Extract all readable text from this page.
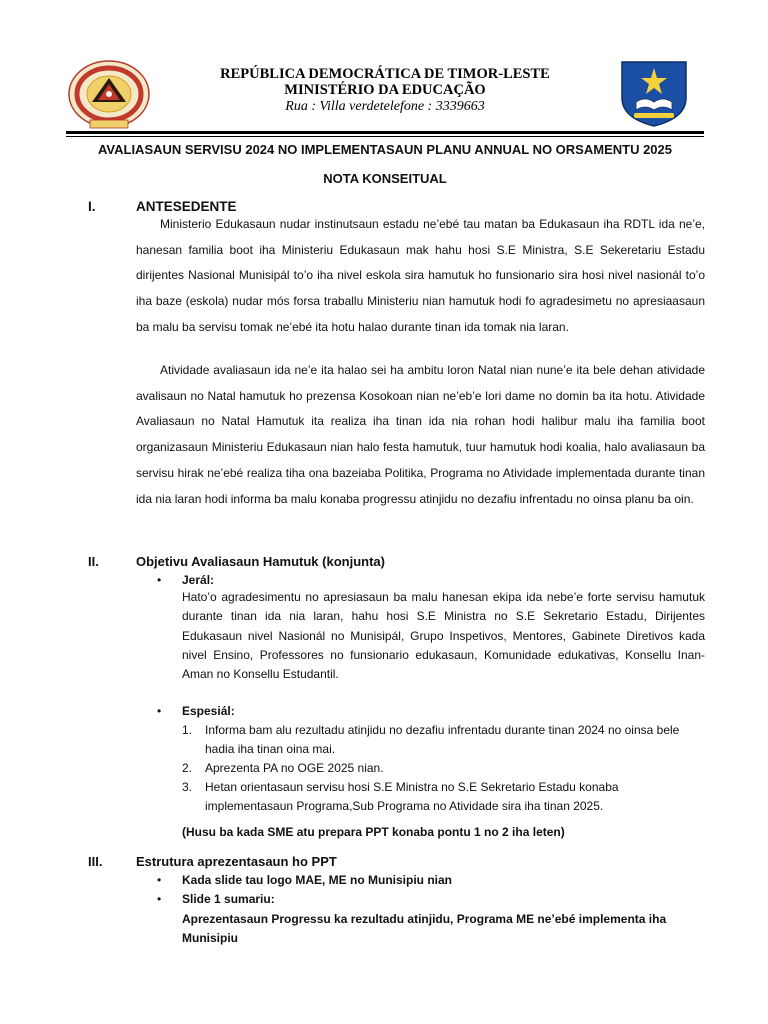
REPÚBLICA DEMOCRÁTICA DE TIMOR-LESTE
MINISTÉRIO DA EDUCAÇÃO
Rua : Villa verdetelefone : 3339663
AVALIASAUN SERVISU 2024 NO IMPLEMENTASAUN PLANU ANNUAL NO ORSAMENTU 2025
NOTA KONSEITUAL
I.	ANTESEDENTE
Ministerio Edukasaun nudar instinutsaun estadu ne’ebé tau matan ba Edukasaun iha RDTL ida ne’e, hanesan familia boot iha Ministeriu Edukasaun mak hahu hosi S.E Ministra, S.E Sekeretariu Estadu dirijentes Nasional Munisipál to’o iha nivel eskola sira hamutuk ho funsionario sira hosi nivel nasionál to’o iha baze (eskola) nudar mós forsa traballu Ministeriu nian hamutuk hodi fo agradesimetu no apresiaasaun ba malu ba servisu tomak ne’ebé ita hotu halao durante tinan ida tomak nia laran.
Atividade avaliasaun ida ne’e ita halao sei ha ambitu loron Natal nian nune’e ita bele dehan atividade avalisaun no Natal hamutuk ho prezensa Kosokoan nian ne’eb’e lori dame no domin ba ita hotu. Atividade Avaliasaun no Natal Hamutuk ita realiza iha tinan ida nia rohan hodi halibur malu iha familia boot organizasaun Ministeriu Edukasaun nian halo festa hamutuk, tuur hamutuk hodi koalia, halo avaliasaun ba servisu hirak ne’ebé realiza tiha ona bazeiaba Politika, Programa no Atividade implementada durante tinan ida nia laran hodi informa ba malu konaba progressu atinjidu no dezafiu infrentadu no oinsa planu ba oin.
II.	Objetivu Avaliasaun Hamutuk (konjunta)
• Jerál:
Hato’o agradesimentu no apresiasaun ba malu hanesan ekipa ida nebe’e forte servisu hamutuk durante tinan ida nia laran, hahu hosi S.E Ministra no S.E Sekretario Estadu, Dirijentes Edukasaun nivel Nasionál no Munisipál, Grupo Inspetivos, Mentores, Gabinete Diretivos kada nivel Ensino, Professores no funsionario edukasaun, Komunidade edukativas, Konsellu Inan-Aman no Konsellu Estudantil.
• Espesiál:
1. Informa bam alu rezultadu atinjidu no dezafiu infrentadu durante tinan 2024 no oinsa bele hadia iha tinan oina mai.
2. Aprezenta PA no OGE 2025 nian.
3. Hetan orientasaun servisu hosi S.E Ministra no S.E Sekretario Estadu konaba implementasaun Programa,Sub Programa no Atividade sira iha tinan 2025.
(Husu ba kada SME atu prepara PPT konaba pontu 1 no 2 iha leten)
III.	Estrutura aprezentasaun ho PPT
• Kada slide tau logo MAE, ME no Munisipiu nian
• Slide 1 sumariu:
Aprezentasaun Progressu ka rezultadu atinjidu, Programa ME ne’ebé implementa iha Munisipiu
